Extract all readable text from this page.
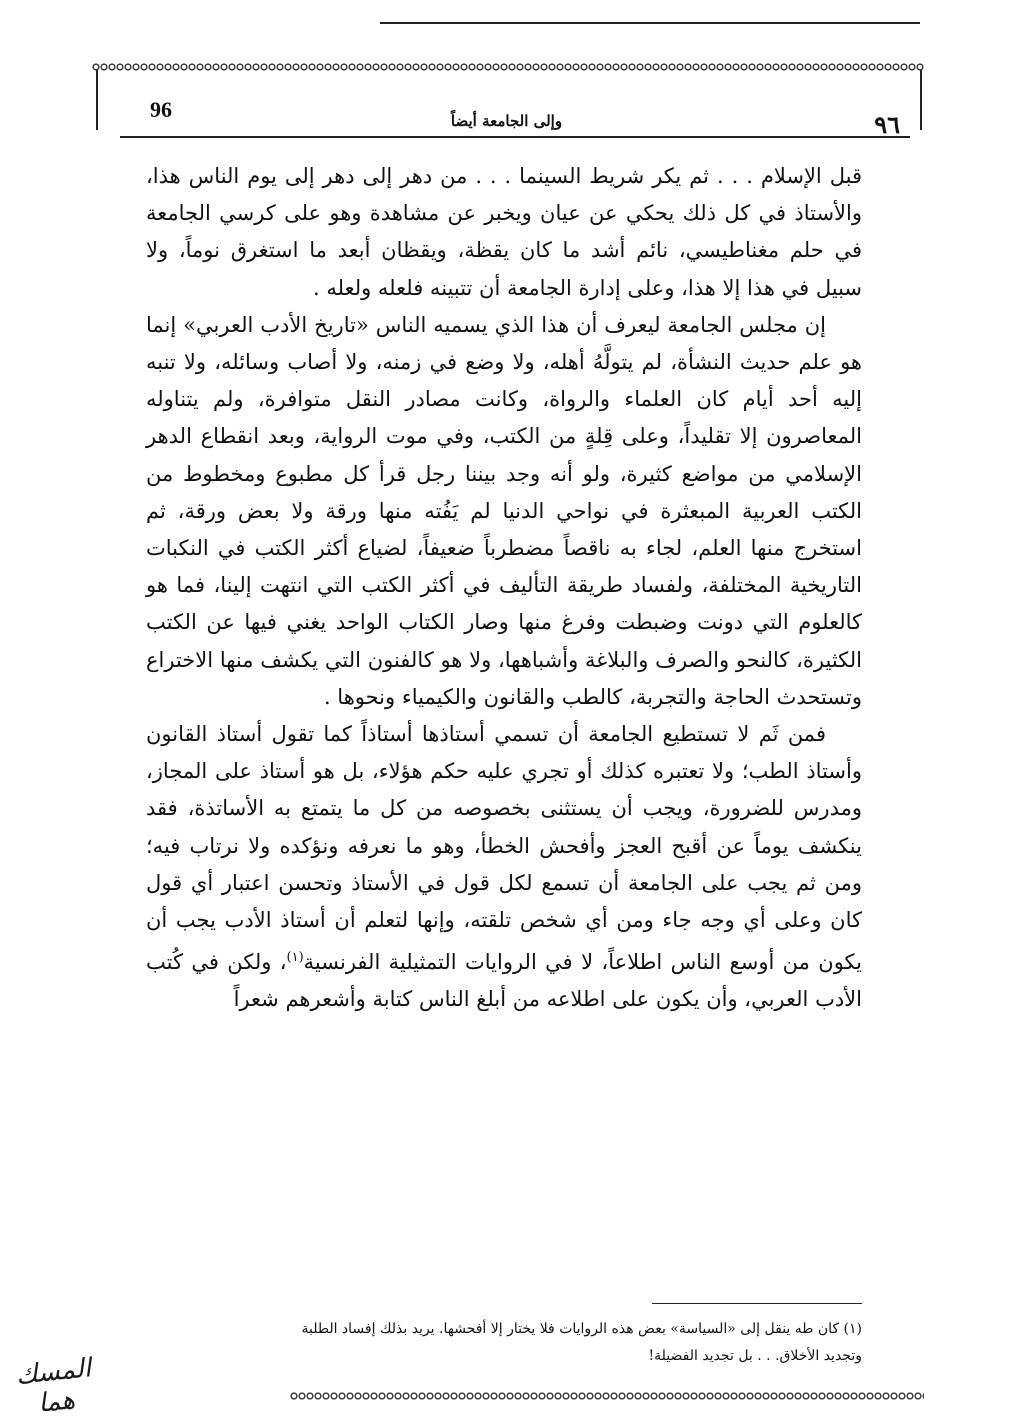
96	وإلى الجامعة أيضاً	٩٦

قبل الإسلام . . . ثم يكر شريط السينما . . . من دهر إلى دهر إلى يوم الناس هذا، والأستاذ في كل ذلك يحكي عن عيان ويخبر عن مشاهدة وهو على كرسي الجامعة في حلم مغناطيسي، نائم أشد ما كان يقظة، ويقظان أبعد ما استغرق نوماً، ولا سبيل في هذا إلا هذا، وعلى إدارة الجامعة أن تتبينه فلعله ولعله .

إن مجلس الجامعة ليعرف أن هذا الذي يسميه الناس «تاريخ الأدب العربي» إنما هو علم حديث النشأة، لم يتولَّهُ أهله، ولا وضع في زمنه، ولا أصاب وسائله، ولا تنبه إليه أحد أيام كان العلماء والرواة، وكانت مصادر النقل متوافرة، ولم يتناوله المعاصرون إلا تقليداً، وعلى قِلةٍ من الكتب، وفي موت الرواية، وبعد انقطاع الدهر الإسلامي من مواضع كثيرة، ولو أنه وجد بيننا رجل قرأ كل مطبوع ومخطوط من الكتب العربية المبعثرة في نواحي الدنيا لم يَفُته منها ورقة ولا بعض ورقة، ثم استخرج منها العلم، لجاء به ناقصاً مضطرباً ضعيفاً، لضياع أكثر الكتب في النكبات التاريخية المختلفة، ولفساد طريقة التأليف في أكثر الكتب التي انتهت إلينا، فما هو كالعلوم التي دونت وضبطت وفرغ منها وصار الكتاب الواحد يغني فيها عن الكتب الكثيرة، كالنحو والصرف والبلاغة وأشباهها، ولا هو كالفنون التي يكشف منها الاختراع وتستحدث الحاجة والتجربة، كالطب والقانون والكيمياء ونحوها .

فمن ثَم لا تستطيع الجامعة أن تسمي أستاذها أستاذاً كما تقول أستاذ القانون وأستاذ الطب؛ ولا تعتبره كذلك أو تجري عليه حكم هؤلاء، بل هو أستاذ على المجاز، ومدرس للضرورة، ويجب أن يستثنى بخصوصه من كل ما يتمتع به الأساتذة، فقد ينكشف يوماً عن أقبح العجز وأفحش الخطأ، وهو ما نعرفه ونؤكده ولا نرتاب فيه؛ ومن ثم يجب على الجامعة أن تسمع لكل قول في الأستاذ وتحسن اعتبار أي قول كان وعلى أي وجه جاء ومن أي شخص تلقته، وإنها لتعلم أن أستاذ الأدب يجب أن يكون من أوسع الناس اطلاعاً، لا في الروايات التمثيلية الفرنسية$^{(١)}$، ولكن في كُتب الأدب العربي، وأن يكون على اطلاعه من أبلغ الناس كتابة وأشعرهم شعراً

(١) كان طه ينقل إلى «السياسة» بعض هذه الروايات فلا يختار إلا أفحشها. يريد بذلك إفساد الطلبة

وتجديد الأخلاق. . . بل تجديد الفضيلة!

المسك هما
